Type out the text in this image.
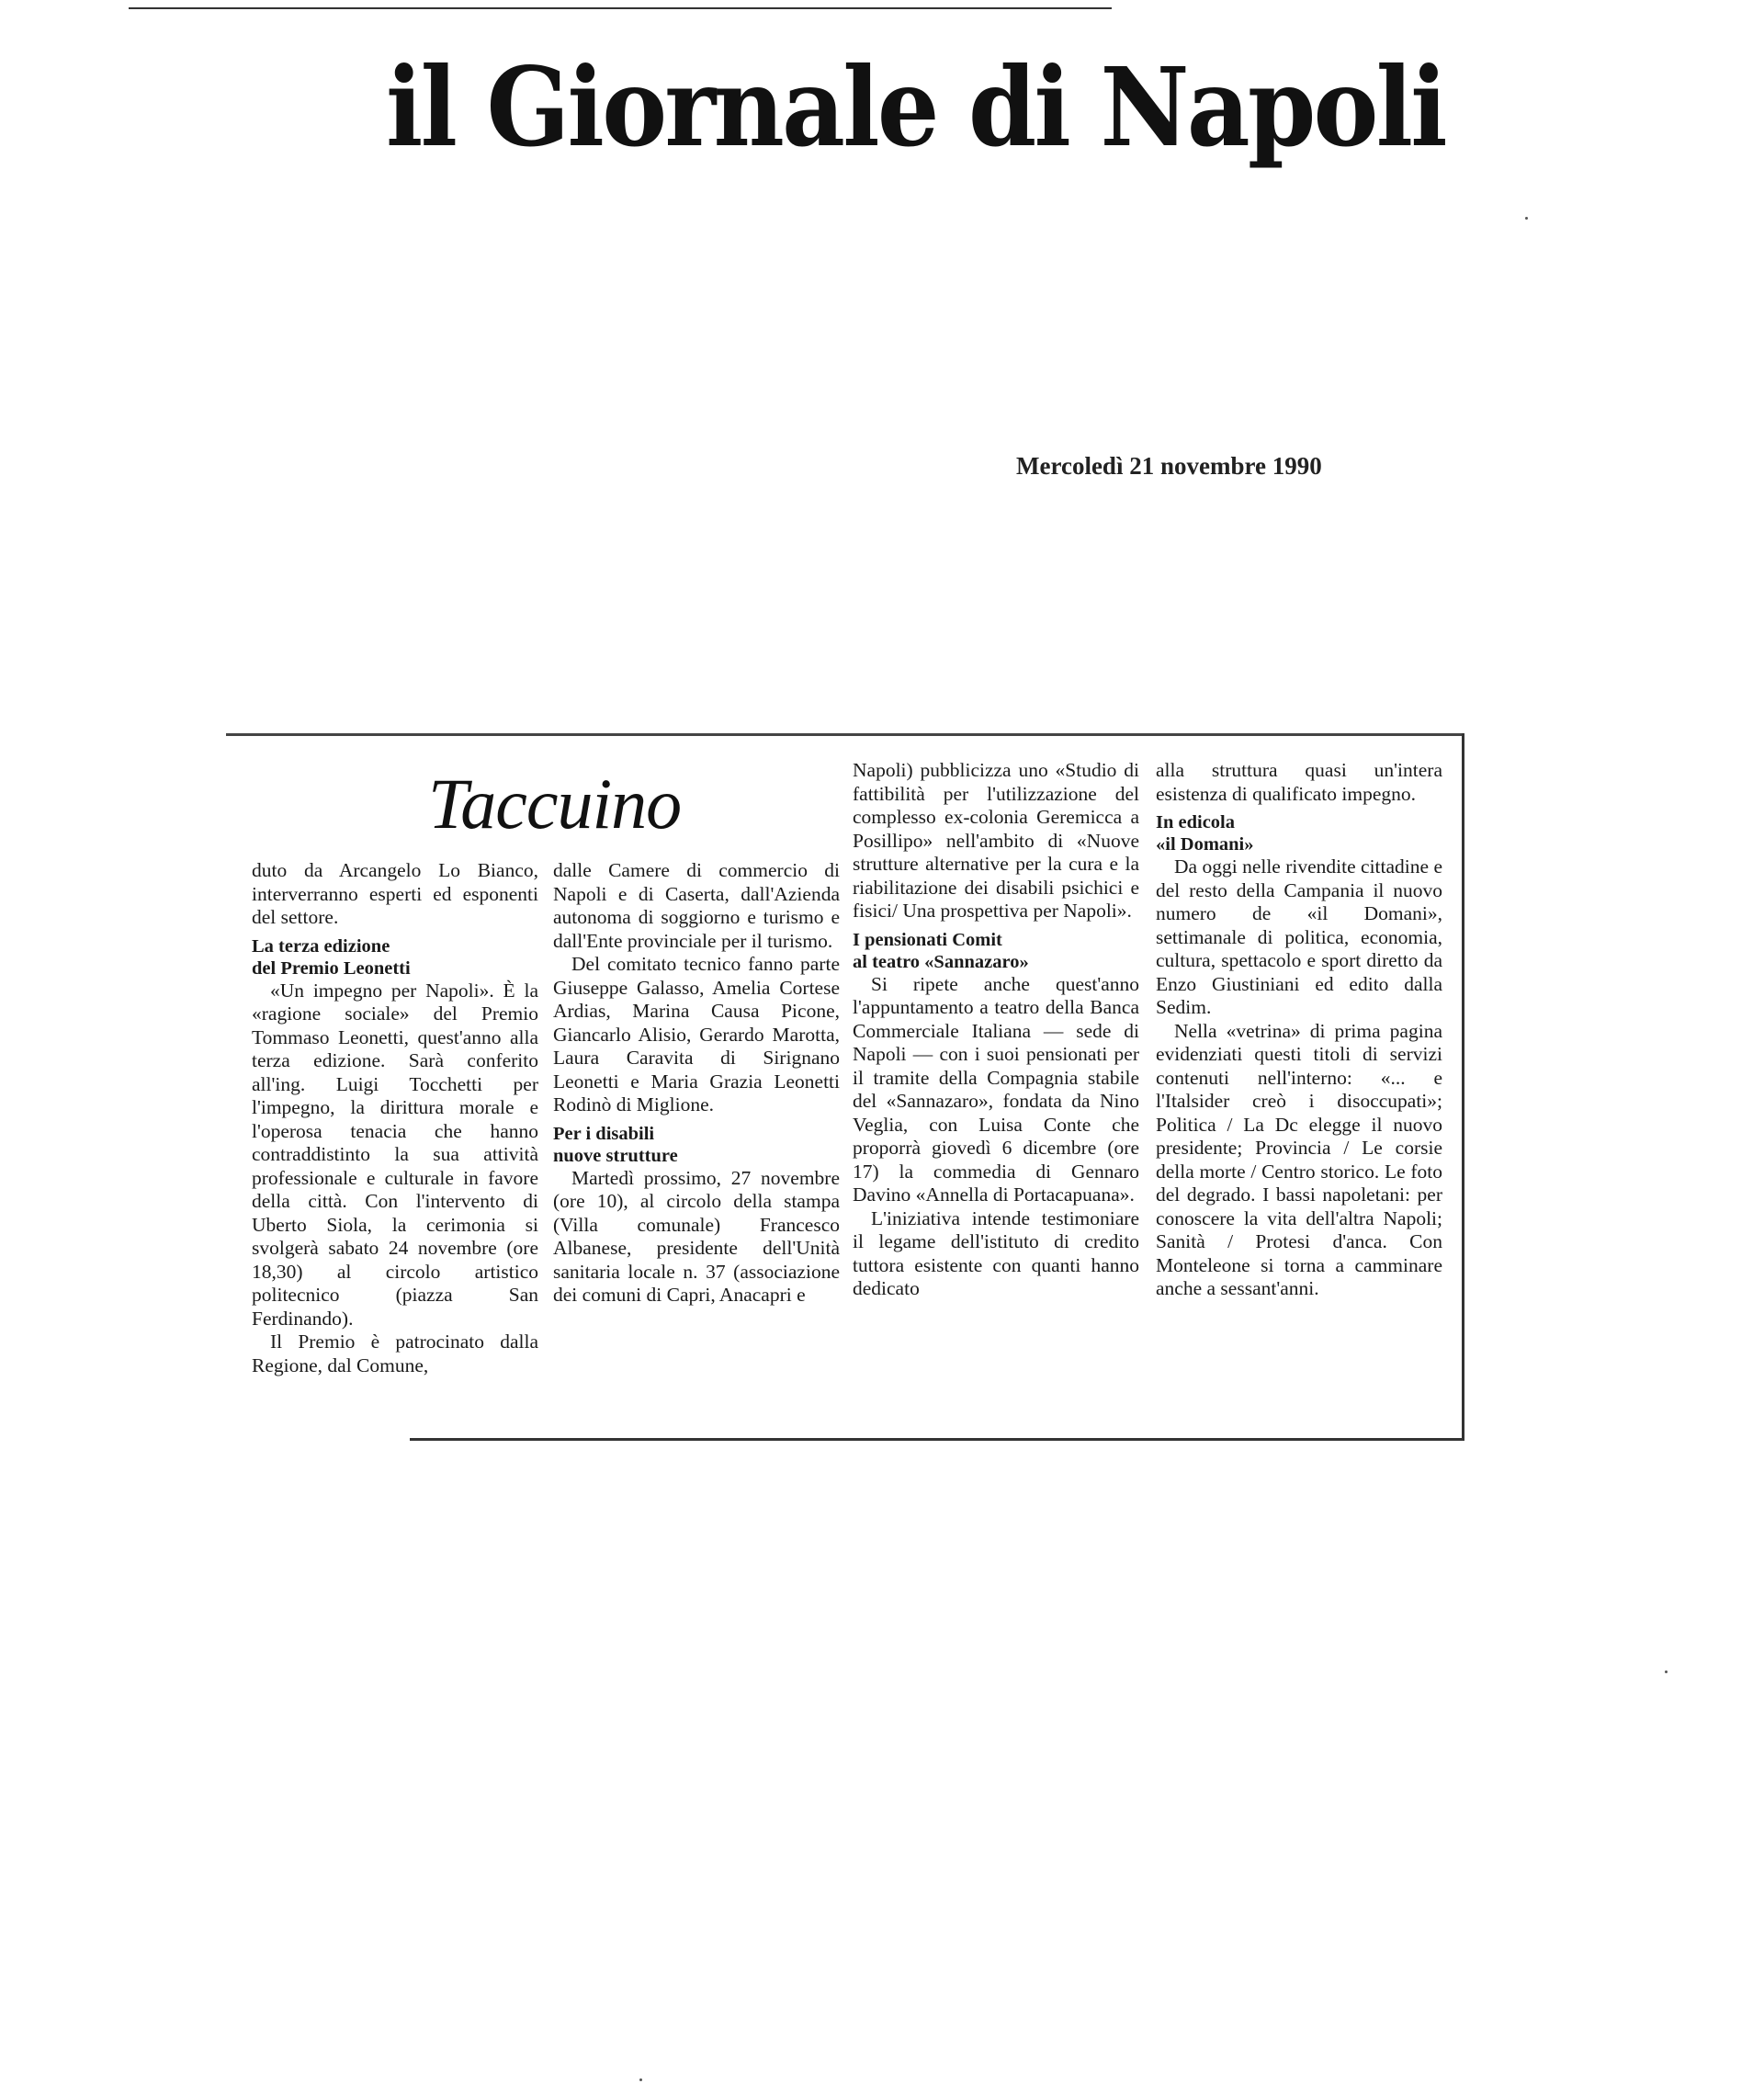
il Giornale di Napoli
Mercoledì 21 novembre 1990
Taccuino

duto da Arcangelo Lo Bianco, interverranno esperti ed esponenti del settore.

La terza edizione
del Premio Leonetti

«Un impegno per Napoli». È la «ragione sociale» del Premio Tommaso Leonetti, quest'anno alla terza edizione. Sarà conferito all'ing. Luigi Tocchetti per l'impegno, la dirittura morale e l'operosa tenacia che hanno contraddistinto la sua attività professionale e culturale in favore della città. Con l'intervento di Uberto Siola, la cerimonia si svolgerà sabato 24 novembre (ore 18,30) al circolo artistico politecnico (piazza San Ferdinando).

Il Premio è patrocinato dalla Regione, dal Comune,

dalle Camere di commercio di Napoli e di Caserta, dall'Azienda autonoma di soggiorno e turismo e dall'Ente provinciale per il turismo.

Del comitato tecnico fanno parte Giuseppe Galasso, Amelia Cortese Ardias, Marina Causa Picone, Giancarlo Alisio, Gerardo Marotta, Laura Caravita di Sirignano Leonetti e Maria Grazia Leonetti Rodinò di Miglione.

Per i disabili
nuove strutture

Martedì prossimo, 27 novembre (ore 10), al circolo della stampa (Villa comunale) Francesco Albanese, presidente dell'Unità sanitaria locale n. 37 (associazione dei comuni di Capri, Anacapri e

Napoli) pubblicizza uno «Studio di fattibilità per l'utilizzazione del complesso ex-colonia Geremicca a Posillipo» nell'ambito di «Nuove strutture alternative per la cura e la riabilitazione dei disabili psichici e fisici/ Una prospettiva per Napoli».

I pensionati Comit
al teatro «Sannazaro»

Si ripete anche quest'anno l'appuntamento a teatro della Banca Commerciale Italiana — sede di Napoli — con i suoi pensionati per il tramite della Compagnia stabile del «Sannazaro», fondata da Nino Veglia, con Luisa Conte che proporrà giovedì 6 dicembre (ore 17) la commedia di Gennaro Davino «Annella di Portacapuana».

L'iniziativa intende testimoniare il legame dell'istituto di credito tuttora esistente con quanti hanno dedicato

alla struttura quasi un'intera esistenza di qualificato impegno.

In edicola
«il Domani»

Da oggi nelle rivendite cittadine e del resto della Campania il nuovo numero de «il Domani», settimanale di politica, economia, cultura, spettacolo e sport diretto da Enzo Giustiniani ed edito dalla Sedim.

Nella «vetrina» di prima pagina evidenziati questi titoli di servizi contenuti nell'interno: «... e l'Italsider creò i disoccupati»; Politica / La Dc elegge il nuovo presidente; Provincia / Le corsie della morte / Centro storico. Le foto del degrado. I bassi napoletani: per conoscere la vita dell'altra Napoli; Sanità / Protesi d'anca. Con Monteleone si torna a camminare anche a sessant'anni.
